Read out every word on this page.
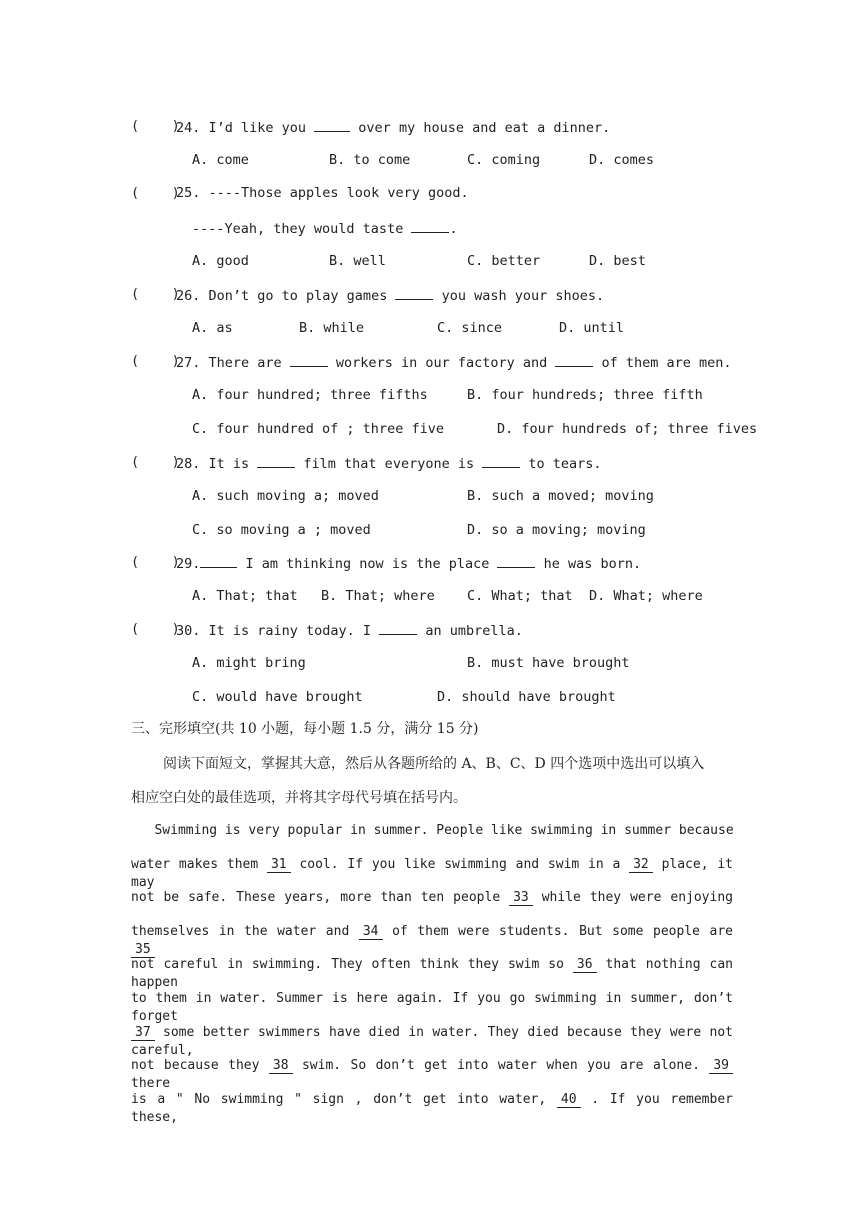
(    )
24. I’d like you	over my house and eat a dinner.
A. come	B. to come	C. coming	D. comes
(    )
25. ----Those apples look very good.
----Yeah, they would taste	.
A. good	B. well	C. better	D. best
(    )
26. Don’t go to play games	you wash your shoes.
A. as	B. while	C. since	D. until
(    )
27. There are	workers in our factory and	of them are men.
A. four hundred; three fifths	B. four hundreds; three fifth
C. four hundred of ; three five	D. four hundreds of; three fives
(    )
28. It is	film that everyone is	to tears.
A. such moving a; moved	B. such a moved; moving
C. so moving a ; moved	D. so a moving; moving
(    )
29.	I am thinking now is the place	he was born.
A. That; that B. That; where C. What; that D. What; where
(    )
30. It is rainy today. I	an umbrella.
A. might bring	B. must have brought
C. would have brought	D. should have brought
三、完形填空(共 10 小题，每小题 1.5 分，满分 15 分)
阅读下面短文，掌握其大意，然后从各题所给的 A、B、C、D 四个选项中选出可以填入
相应空白处的最佳选项，并将其字母代号填在括号内。
Swimming is very popular in summer. People like swimming in summer because
water makes them 31 cool. If you like swimming and swim in a 32 place, it may
not be safe. These years, more than ten people 33 while they were enjoying
themselves in the water and 34 of them were students. But some people are 35
not careful in swimming. They often think they swim so 36 that nothing can happen
to them in water. Summer is here again. If you go swimming in summer, don’t forget
37 some better swimmers have died in water. They died because they were not careful,
not because they 38 swim. So don’t get into water when you are alone. 39 there
is a " No swimming " sign , don’t get into water, 40 . If you remember these,
